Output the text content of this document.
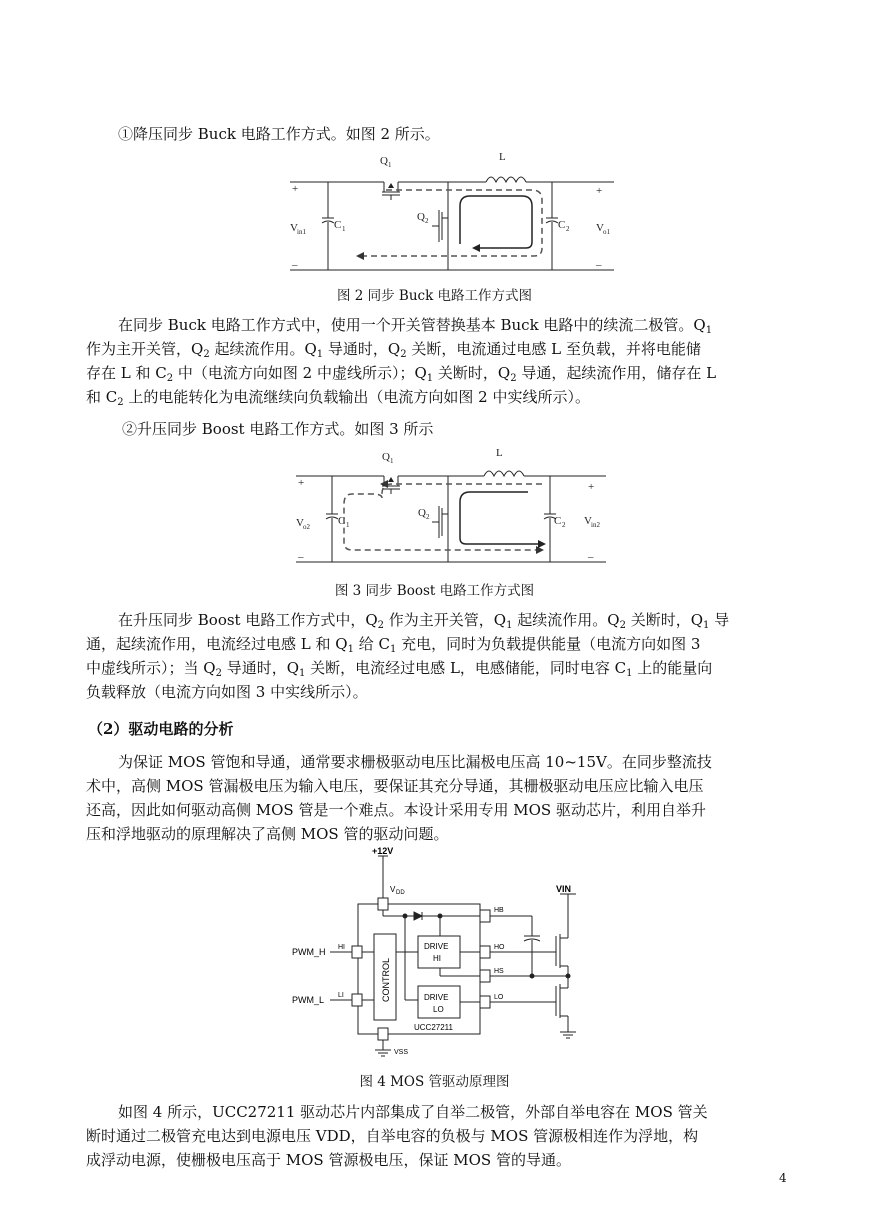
①降压同步 Buck 电路工作方式。如图 2 所示。
Q 1
L
Q 2
C 1	C 2
V in1	V o1
+	+
_	_
图 2 同步 Buck 电路工作方式图
在同步 Buck 电路工作方式中，使用一个开关管替换基本 Buck 电路中的续流二极管。$Q_1$
作为主开关管，$Q_2$ 起续流作用。$Q_1$ 导通时，$Q_2$ 关断，电流通过电感 L 至负载，并将电能储
存在 L 和 $C_2$ 中（电流方向如图 2 中虚线所示）；$Q_1$ 关断时，$Q_2$ 导通，起续流作用，储存在 L
和 $C_2$ 上的电能转化为电流继续向负载输出（电流方向如图 2 中实线所示）。
②升压同步 Boost 电路工作方式。如图 3 所示
Q 1
L
Q 2
C 1	C 2
V o2	V in2
+	+
_	_
图 3 同步 Boost 电路工作方式图
在升压同步 Boost 电路工作方式中，$Q_2$ 作为主开关管，$Q_1$ 起续流作用。$Q_2$ 关断时，$Q_1$ 导
通，起续流作用，电流经过电感 L 和 $Q_1$ 给 $C_1$ 充电，同时为负载提供能量（电流方向如图 3
中虚线所示）；当 $Q_2$ 导通时，$Q_1$ 关断，电流经过电感 L，电感储能，同时电容 $C_1$ 上的能量向
负载释放（电流方向如图 3 中实线所示）。
（2）驱动电路的分析
为保证 MOS 管饱和导通，通常要求栅极驱动电压比漏极电压高 10~15V。在同步整流技
术中，高侧 MOS 管漏极电压为输入电压，要保证其充分导通，其栅极驱动电压应比输入电压
还高，因此如何驱动高侧 MOS 管是一个难点。本设计采用专用 MOS 驱动芯片，利用自举升
压和浮地驱动的原理解决了高侧 MOS 管的驱动问题。
+12V
V DD	VIN
HB
HO
HS
LO
HI
LI
PWM_H
PWM_L	CONTROL
DRIVE
HI
DRIVE
LO
UCC27211
VSS
图 4 MOS 管驱动原理图
如图 4 所示，UCC27211 驱动芯片内部集成了自举二极管，外部自举电容在 MOS 管关
断时通过二极管充电达到电源电压 VDD，自举电容的负极与 MOS 管源极相连作为浮地，构
成浮动电源，使栅极电压高于 MOS 管源极电压，保证 MOS 管的导通。
4
